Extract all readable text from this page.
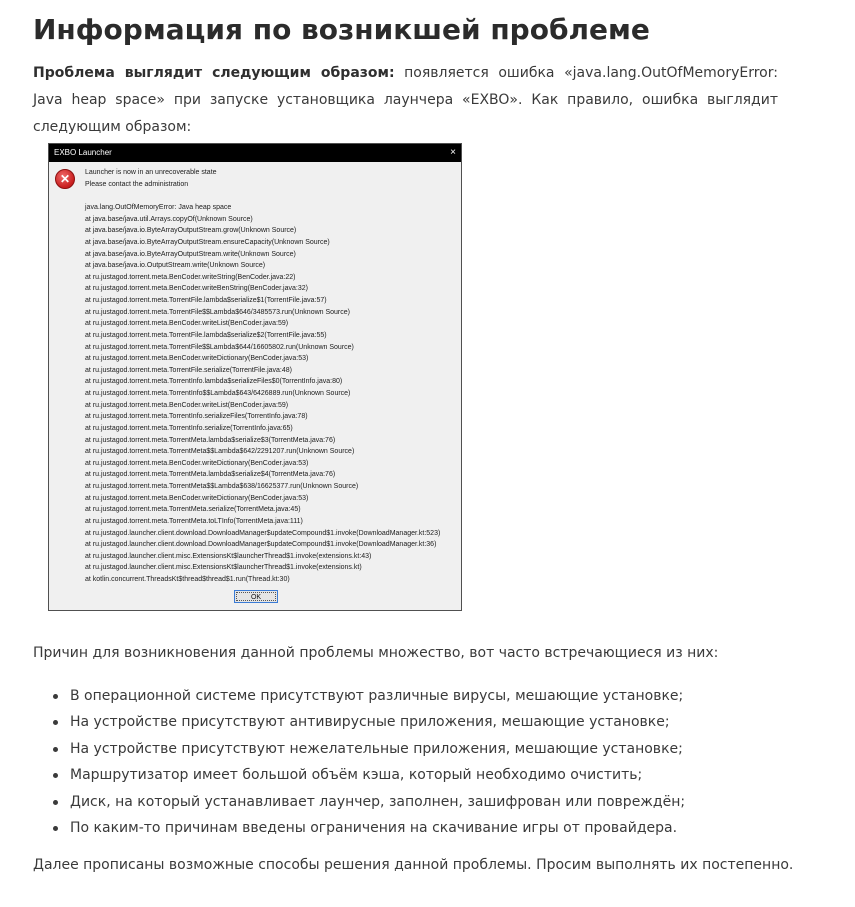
Информация по возникшей проблеме

Проблема выглядит следующим образом: появляется ошибка «java.lang.OutOfMemoryError: Java heap space» при запуске установщика лаунчера «EXBO». Как правило, ошибка выглядит следующим образом:

EXBO Launcher	×
✕	Launcher is now in an unrecoverable state
Please contact the administration
java.lang.OutOfMemoryError: Java heap space
at java.base/java.util.Arrays.copyOf(Unknown Source)
at java.base/java.io.ByteArrayOutputStream.grow(Unknown Source)
at java.base/java.io.ByteArrayOutputStream.ensureCapacity(Unknown Source)
at java.base/java.io.ByteArrayOutputStream.write(Unknown Source)
at java.base/java.io.OutputStream.write(Unknown Source)
at ru.justagod.torrent.meta.BenCoder.writeString(BenCoder.java:22)
at ru.justagod.torrent.meta.BenCoder.writeBenString(BenCoder.java:32)
at ru.justagod.torrent.meta.TorrentFile.lambda$serialize$1(TorrentFile.java:57)
at ru.justagod.torrent.meta.TorrentFile$$Lambda$646/3485573.run(Unknown Source)
at ru.justagod.torrent.meta.BenCoder.writeList(BenCoder.java:59)
at ru.justagod.torrent.meta.TorrentFile.lambda$serialize$2(TorrentFile.java:55)
at ru.justagod.torrent.meta.TorrentFile$$Lambda$644/16605802.run(Unknown Source)
at ru.justagod.torrent.meta.BenCoder.writeDictionary(BenCoder.java:53)
at ru.justagod.torrent.meta.TorrentFile.serialize(TorrentFile.java:48)
at ru.justagod.torrent.meta.TorrentInfo.lambda$serializeFiles$0(TorrentInfo.java:80)
at ru.justagod.torrent.meta.TorrentInfo$$Lambda$643/6426889.run(Unknown Source)
at ru.justagod.torrent.meta.BenCoder.writeList(BenCoder.java:59)
at ru.justagod.torrent.meta.TorrentInfo.serializeFiles(TorrentInfo.java:78)
at ru.justagod.torrent.meta.TorrentInfo.serialize(TorrentInfo.java:65)
at ru.justagod.torrent.meta.TorrentMeta.lambda$serialize$3(TorrentMeta.java:76)
at ru.justagod.torrent.meta.TorrentMeta$$Lambda$642/2291207.run(Unknown Source)
at ru.justagod.torrent.meta.BenCoder.writeDictionary(BenCoder.java:53)
at ru.justagod.torrent.meta.TorrentMeta.lambda$serialize$4(TorrentMeta.java:76)
at ru.justagod.torrent.meta.TorrentMeta$$Lambda$638/16625377.run(Unknown Source)
at ru.justagod.torrent.meta.BenCoder.writeDictionary(BenCoder.java:53)
at ru.justagod.torrent.meta.TorrentMeta.serialize(TorrentMeta.java:45)
at ru.justagod.torrent.meta.TorrentMeta.toLTInfo(TorrentMeta.java:111)
at ru.justagod.launcher.client.download.DownloadManager$updateCompound$1.invoke(DownloadManager.kt:523)
at ru.justagod.launcher.client.download.DownloadManager$updateCompound$1.invoke(DownloadManager.kt:36)
at ru.justagod.launcher.client.misc.ExtensionsKt$launcherThread$1.invoke(extensions.kt:43)
at ru.justagod.launcher.client.misc.ExtensionsKt$launcherThread$1.invoke(extensions.kt)
at kotlin.concurrent.ThreadsKt$thread$thread$1.run(Thread.kt:30)
OK

Причин для возникновения данной проблемы множество, вот часто встречающиеся из них:

В операционной системе присутствуют различные вирусы, мешающие установке;
На устройстве присутствуют антивирусные приложения, мешающие установке;
На устройстве присутствуют нежелательные приложения, мешающие установке;
Маршрутизатор имеет большой объём кэша, который необходимо очистить;
Диск, на который устанавливает лаунчер, заполнен, зашифрован или повреждён;
По каким-то причинам введены ограничения на скачивание игры от провайдера.

Далее прописаны возможные способы решения данной проблемы. Просим выполнять их постепенно.
